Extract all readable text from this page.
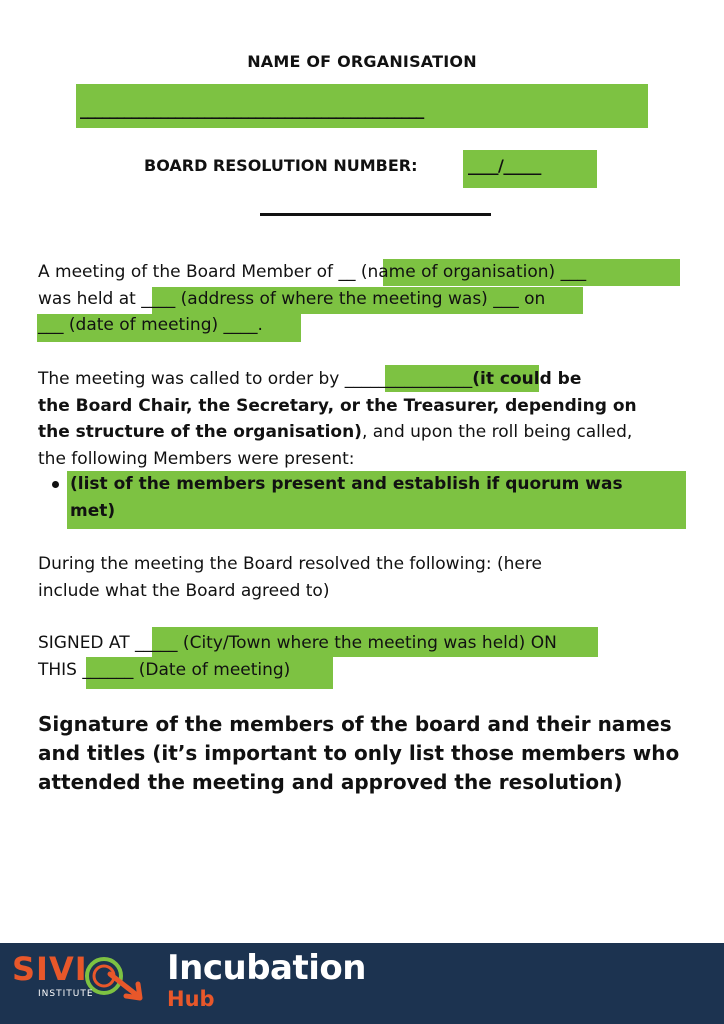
NAME OF ORGANISATION
_______________________________________________
BOARD RESOLUTION NUMBER:	____/_____
A meeting of the Board Member of __ (name of organisation) ___
was held at ____ (address of where the meeting was) ___ on
___ (date of meeting) ____.
The meeting was called to order by _______________(it could be
the Board Chair, the Secretary, or the Treasurer, depending on
the structure of the organisation), and upon the roll being called,
the following Members were present:
(list of the members present and establish if quorum was
met)
During the meeting the Board resolved the following: (here
include what the Board agreed to)
SIGNED AT _____ (City/Town where the meeting was held) ON
THIS ______ (Date of meeting)
Signature of the members of the board and their names
and titles (it’s important to only list those members who
attended the meeting and approved the resolution)
SIVI
INSTITUTE
Incubation
Hub
